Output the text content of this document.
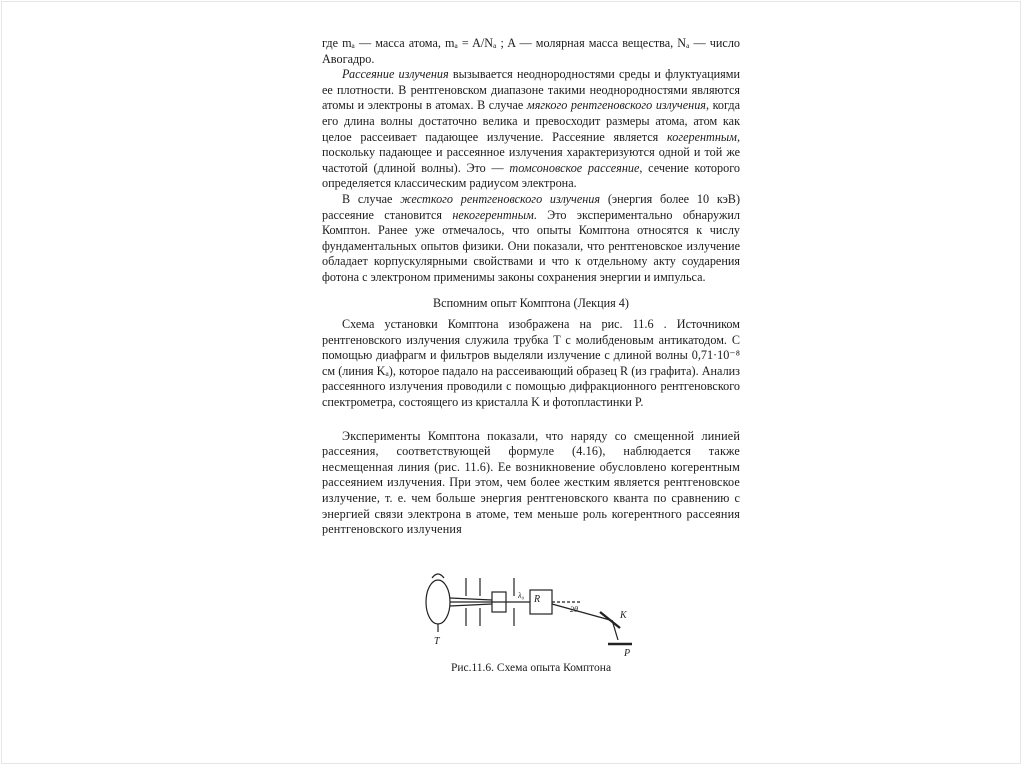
где mₐ — масса атома, mₐ = A/Nₐ ; A — молярная масса вещества, Nₐ — число Авогадро.

Рассеяние излучения вызывается неоднородностями среды и флуктуациями ее плотности. В рентгеновском диапазоне такими неоднородностями являются атомы и электроны в атомах. В случае мягкого рентгеновского излучения, когда его длина волны достаточно велика и превосходит размеры атома, атом как целое рассеивает падающее излучение. Рассеяние является когерентным, поскольку падающее и рассеянное излучения характеризуются одной и той же частотой (длиной волны). Это — томсоновское рассеяние, сечение которого определяется классическим радиусом электрона.

В случае жесткого рентгеновского излучения (энергия более 10 кэВ) рассеяние становится некогерентным. Это экспериментально обнаружил Комптон. Ранее уже отмечалось, что опыты Комптона относятся к числу фундаментальных опытов физики. Они показали, что рентгеновское излучение обладает корпускулярными свойствами и что к отдельному акту соударения фотона с электроном применимы законы сохранения энергии и импульса.

Вспомним опыт Комптона (Лекция 4)

Схема установки Комптона изображена на рис. 11.6 . Источником рентгеновского излучения служила трубка T с молибденовым антикатодом. С помощью диафрагм и фильтров выделяли излучение с длиной волны 0,71·10⁻⁸ см (линия Kₐ), которое падало на рассеивающий образец R (из графита). Анализ рассеянного излучения проводили с помощью дифракционного рентгеновского спектрометра, состоящего из кристалла K и фотопластинки P.

Эксперименты Комптона показали, что наряду со смещенной линией рассеяния, соответствующей формуле (4.16), наблюдается также несмещенная линия (рис. 11.6). Ее возникновение обусловлено когерентным рассеянием излучения. При этом, чем более жестким является рентгеновское излучение, т. е. чем больше энергия рентгеновского кванта по сравнению с энергией связи электрона в атоме, тем меньше роль когерентного рассеяния рентгеновского излучения

T
R
K
P
λ₀
2θ
Рис.11.6. Схема опыта Комптона
